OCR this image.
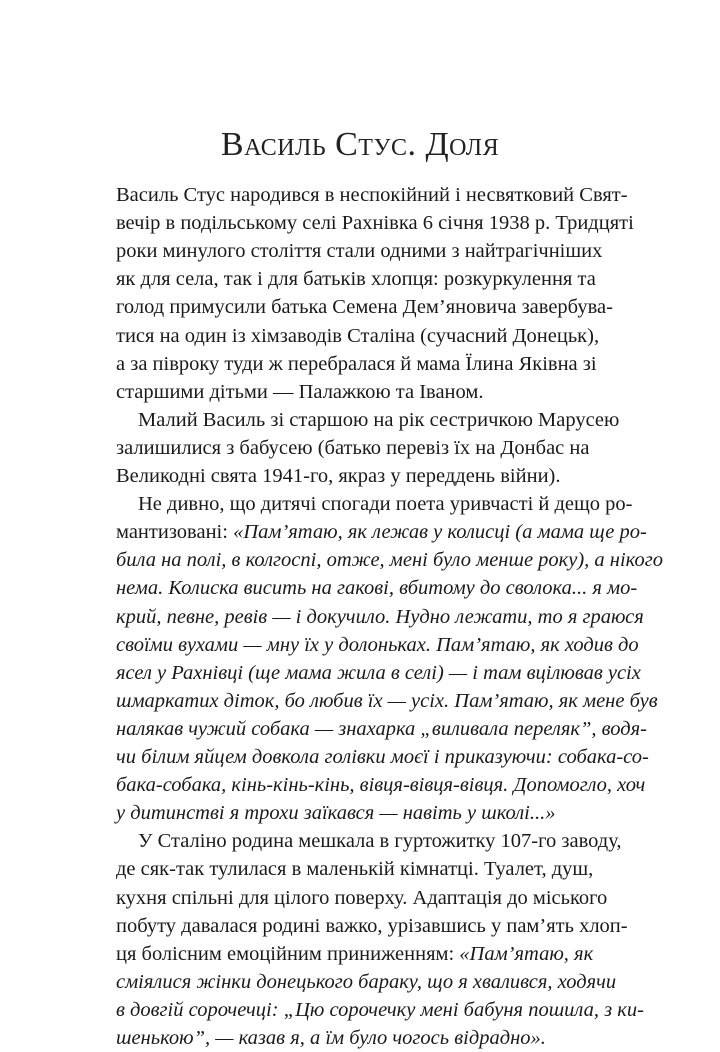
Василь Стус. Доля
Василь Стус народився в неспокійний і несвятковий Свят-
вечір в подільському селі Рахнівка 6 січня 1938 р. Тридцяті
роки минулого століття стали одними з найтрагічніших
як для села, так і для батьків хлопця: розкуркулення та
голод примусили батька Семена Дем’яновича завербува-
тися на один із хімзаводів Сталіна (сучасний Донецьк),
а за півроку туди ж перебралася й мама Їлина Яківна зі
старшими дітьми — Палажкою та Іваном.
Малий Василь зі старшою на рік сестричкою Марусею
залишилися з бабусею (батько перевіз їх на Донбас на
Великодні свята 1941-го, якраз у переддень війни).
Не дивно, що дитячі спогади поета уривчасті й дещо ро-
мантизовані: «Пам’ятаю, як лежав у колисці (а мама ще ро-
била на полі, в колгоспі, отже, мені було менше року), а нікого
нема. Колиска висить на гакові, вбитому до сволока... я мо-
крий, певне, ревів — і докучило. Нудно лежати, то я граюся
своїми вухами — мну їх у долоньках. Пам’ятаю, як ходив до
ясел у Рахнівці (ще мама жила в селі) — і там вцілював усіх
шмаркатих діток, бо любив їх — усіх. Пам’ятаю, як мене був
налякав чужий собака — знахарка „виливала переляк”, водя-
чи білим яйцем довкола голівки моєї і приказуючи: собака-со-
бака-собака, кінь-кінь-кінь, вівця-вівця-вівця. Допомогло, хоч
у дитинстві я трохи заїкався — навіть у школі...»
У Сталіно родина мешкала в гуртожитку 107-го заводу,
де сяк-так тулилася в маленькій кімнатці. Туалет, душ,
кухня спільні для цілого поверху. Адаптація до міського
побуту давалася родині важко, урізавшись у пам’ять хлоп-
ця болісним емоційним приниженням: «Пам’ятаю, як
сміялися жінки донецького бараку, що я хвалився, ходячи
в довгій сорочечці: „Цю сорочечку мені бабуня пошила, з ки-
шенькою”, — казав я, а їм було чогось відрадно».
